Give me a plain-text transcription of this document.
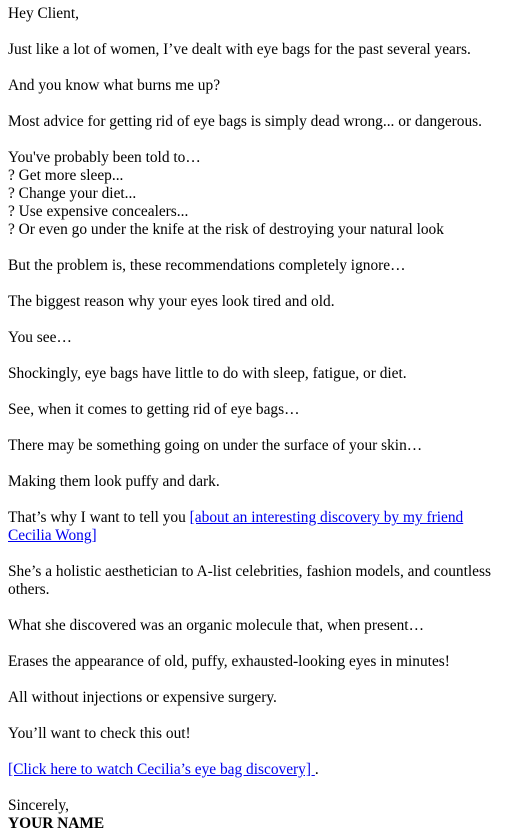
Hey Client,

Just like a lot of women, I’ve dealt with eye bags for the past several years.

And you know what burns me up?

Most advice for getting rid of eye bags is simply dead wrong... or dangerous.

You've probably been told to…
? Get more sleep...
? Change your diet...
? Use expensive concealers...
? Or even go under the knife at the risk of destroying your natural look

But the problem is, these recommendations completely ignore…

The biggest reason why your eyes look tired and old.

You see…

Shockingly, eye bags have little to do with sleep, fatigue, or diet.

See, when it comes to getting rid of eye bags…

There may be something going on under the surface of your skin…

Making them look puffy and dark.

That’s why I want to tell you [about an interesting discovery by my friend Cecilia Wong]

She’s a holistic aesthetician to A-list celebrities, fashion models, and countless others.

What she discovered was an organic molecule that, when present…

Erases the appearance of old, puffy, exhausted-looking eyes in minutes!

All without injections or expensive surgery.

You’ll want to check this out!

[Click here to watch Cecilia’s eye bag discovery] .

Sincerely,
YOUR NAME
